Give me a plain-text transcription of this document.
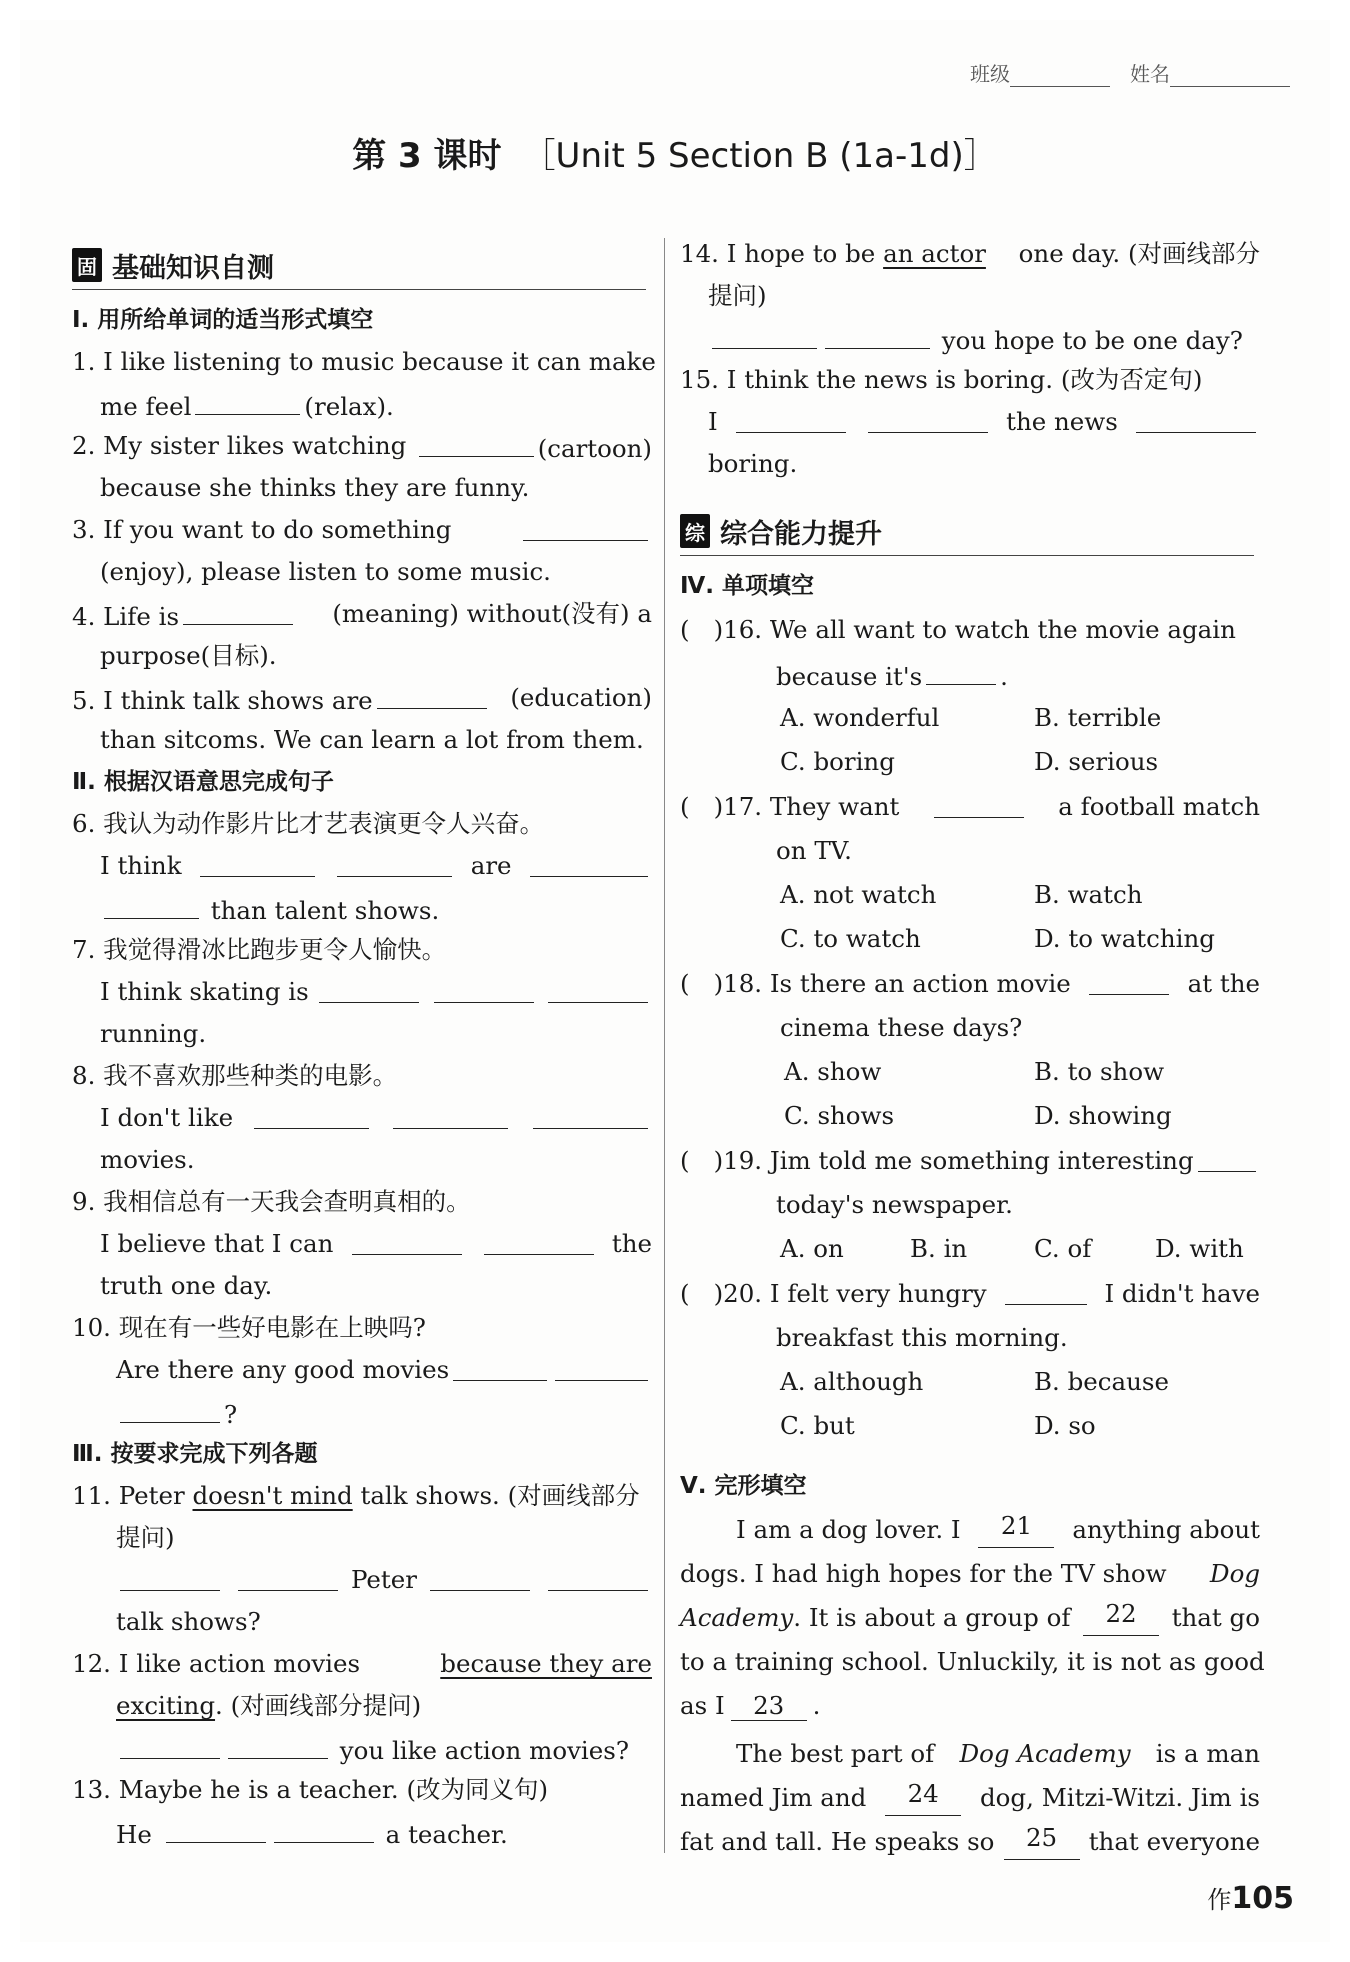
班级	姓名
第 3 课时 ［Unit 5 Section B (1a-1d)］
固 基础知识自测
Ⅰ. 用所给单词的适当形式填空
1. I like listening to music because it can make
me feel	(relax).
2. My sister likes watching	(cartoon)
because she thinks they are funny.
3. If you want to do something
(enjoy), please listen to some music.
4. Life is	(meaning) without(没有) a
purpose(目标).
5. I think talk shows are	(education)
than sitcoms. We can learn a lot from them.
Ⅱ. 根据汉语意思完成句子
6. 我认为动作影片比才艺表演更令人兴奋。
I think	are
than talent shows.
7. 我觉得滑冰比跑步更令人愉快。
I think skating is
running.
8. 我不喜欢那些种类的电影。
I don't like
movies.
9. 我相信总有一天我会查明真相的。
I believe that I can	the
truth one day.
10. 现在有一些好电影在上映吗?
Are there any good movies
?
Ⅲ. 按要求完成下列各题
11. Peter doesn't mind talk shows. (对画线部分
提问)
Peter
talk shows?
12. I like action movies	because they are
exciting. (对画线部分提问)
you like action movies?
13. Maybe he is a teacher. (改为同义句)
He	a teacher.
14. I hope to be an actor one day. (对画线部分
提问)
you hope to be one day?
15. I think the news is boring. (改为否定句)
I	the news
boring.
综 综合能力提升
Ⅳ. 单项填空
( )16. We all want to watch the movie again
because it's	.
A. wonderful	B. terrible
C. boring	D. serious
( )17. They want	a football match
on TV.
A. not watch	B. watch
C. to watch	D. to watching
( )18. Is there an action movie	at the
cinema these days?
A. show	B. to show
C. shows	D. showing
( )19. Jim told me something interesting
today's newspaper.
A. on	B. in	C. of	D. with
( )20. I felt very hungry	I didn't have
breakfast this morning.
A. although	B. because
C. but	D. so
Ⅴ. 完形填空
I am a dog lover. I	21	anything about
dogs. I had high hopes for the TV show Dog
Academy. It is about a group of	22	that go
to a training school. Unluckily, it is not as good
as I 23 .
The best part of Dog Academy is a man
named Jim and	24	dog, Mitzi-Witzi. Jim is
fat and tall. He speaks so	25	that everyone
作105
